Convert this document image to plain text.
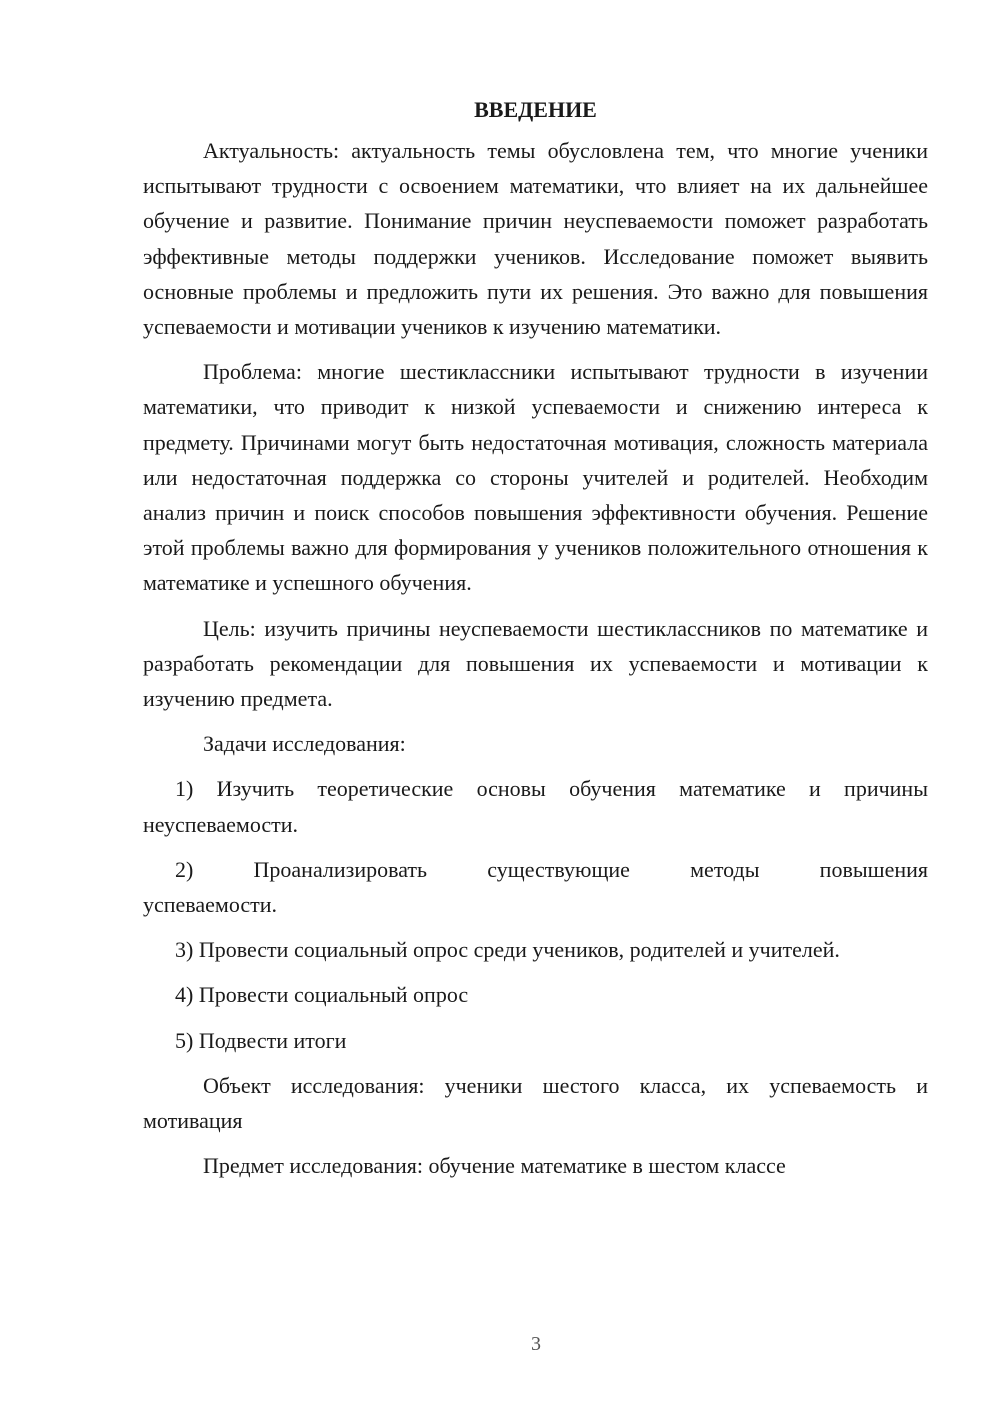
ВВЕДЕНИЕ

Актуальность: актуальность темы обусловлена тем, что многие ученики испытывают трудности с освоением математики, что влияет на их дальнейшее обучение и развитие. Понимание причин неуспеваемости поможет разработать эффективные методы поддержки учеников. Исследование поможет выявить основные проблемы и предложить пути их решения. Это важно для повышения успеваемости и мотивации учеников к изучению математики.

Проблема: многие шестиклассники испытывают трудности в изучении математики, что приводит к низкой успеваемости и снижению интереса к предмету. Причинами могут быть недостаточная мотивация, сложность материала или недостаточная поддержка со стороны учителей и родителей. Необходим анализ причин и поиск способов повышения эффективности обучения. Решение этой проблемы важно для формирования у учеников положительного отношения к математике и успешного обучения.

Цель: изучить причины неуспеваемости шестиклассников по математике и разработать рекомендации для повышения их успеваемости и мотивации к изучению предмета.

Задачи исследования:

1) Изучить теоретические основы обучения математике и причины неуспеваемости.

2) Проанализировать существующие методы повышения успеваемости.

3) Провести социальный опрос среди учеников, родителей и учителей.

4) Провести социальный опрос

5) Подвести итоги

Объект исследования: ученики шестого класса, их успеваемость и мотивация

Предмет исследования: обучение математике в шестом классе

3
